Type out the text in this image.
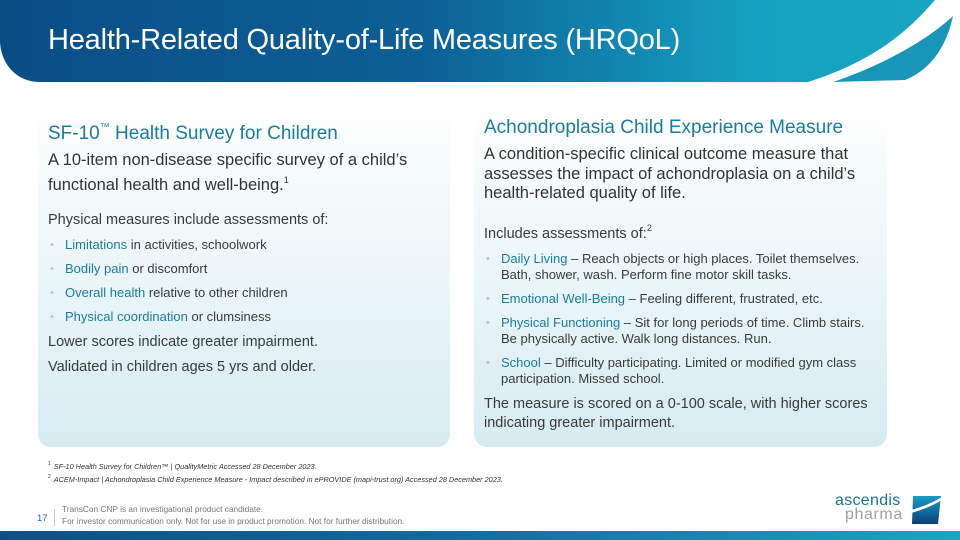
Health-Related Quality-of-Life Measures (HRQoL)
SF-10™ Health Survey for Children

A 10-item non-disease specific survey of a child’s functional health and well-being.$^1$

Physical measures include assessments of:

• Limitations in activities, schoolwork
• Bodily pain or discomfort
• Overall health relative to other children
• Physical coordination or clumsiness

Lower scores indicate greater impairment.

Validated in children ages 5 yrs and older.

Achondroplasia Child Experience Measure

A condition-specific clinical outcome measure that assesses the impact of achondroplasia on a child’s health-related quality of life.

Includes assessments of:$^2$

• Daily Living – Reach objects or high places. Toilet themselves. Bath, shower, wash. Perform fine motor skill tasks.
• Emotional Well-Being – Feeling different, frustrated, etc.
• Physical Functioning – Sit for long periods of time. Climb stairs. Be physically active. Walk long distances. Run.
• School – Difficulty participating. Limited or modified gym class participation. Missed school.

The measure is scored on a 0-100 scale, with higher scores indicating greater impairment.

$^1$ SF-10 Health Survey for Children™ | QualityMetric Accessed 28 December 2023.
$^2$ ACEM-Impact | Achondroplasia Child Experience Measure - Impact described in ePROVIDE (mapi-trust.org) Accessed 28 December 2023.
17
TransCon CNP is an investigational product candidate.
For investor communication only. Not for use in product promotion. Not for further distribution.
ascendis
pharma
